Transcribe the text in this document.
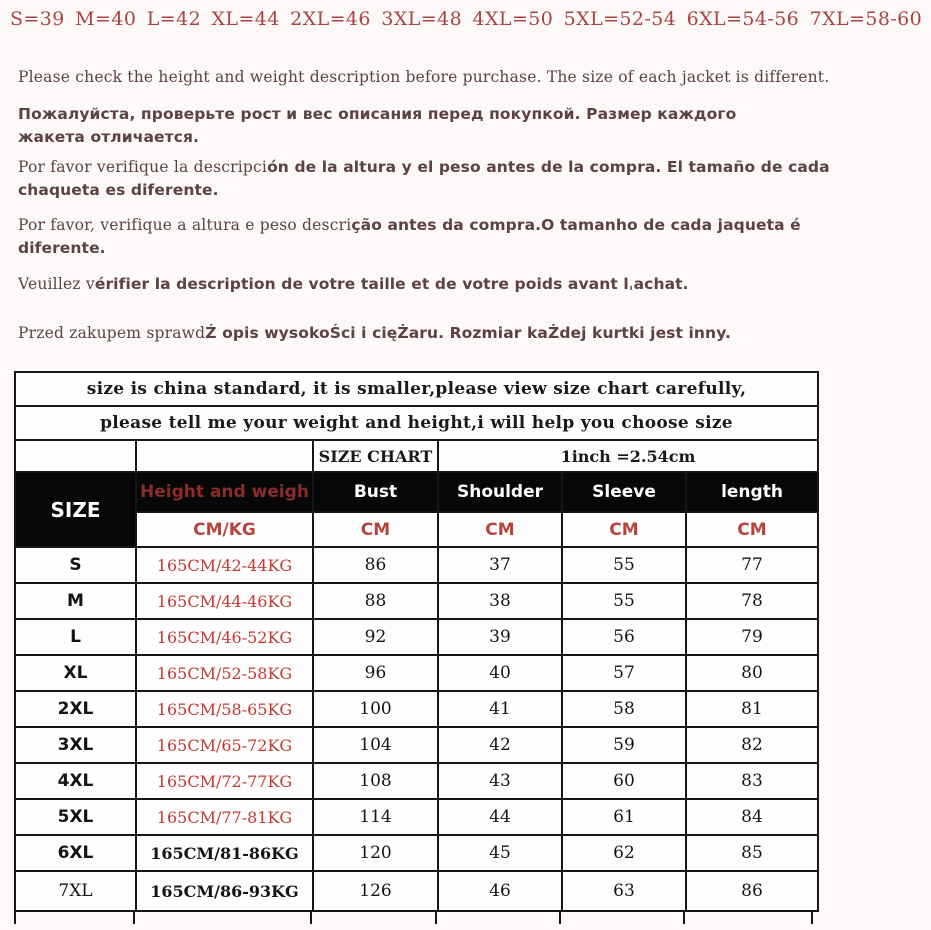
S=39 M=40 L=42 XL=44 2XL=46 3XL=48 4XL=50 5XL=52-54 6XL=54-56 7XL=58-60

Please check the height and weight description before purchase. The size of each jacket is different.

Пожалуйста, проверьте рост и вес описания перед покупкой. Размер каждого жакета отличается.

Por favor verifique la descripción de la altura y el peso antes de la compra. El tamaño de cada chaqueta es diferente.

Por favor, verifique a altura e peso descrição antes da compra.O tamanho de cada jaqueta é diferente.

Veuillez vérifier la description de votre taille et de votre poids avant lˌachat.

Przed zakupem sprawdŹ opis wysokoŚci i cięŻaru. Rozmiar kaŻdej kurtki jest inny.

size is china standard, it is smaller,please view size chart carefully,					
please tell me your weight and height,i will help you choose size					
		SIZE CHART	1inch =2.54cm		
SIZE	Height and weigh	Bust	Shoulder	Sleeve	length
	CM/KG	CM	CM	CM	CM
S	165CM/42-44KG	86	37	55	77
M	165CM/44-46KG	88	38	55	78
L	165CM/46-52KG	92	39	56	79
XL	165CM/52-58KG	96	40	57	80
2XL	165CM/58-65KG	100	41	58	81
3XL	165CM/65-72KG	104	42	59	82
4XL	165CM/72-77KG	108	43	60	83
5XL	165CM/77-81KG	114	44	61	84
6XL	165CM/81-86KG	120	45	62	85
7XL	165CM/86-93KG	126	46	63	86
